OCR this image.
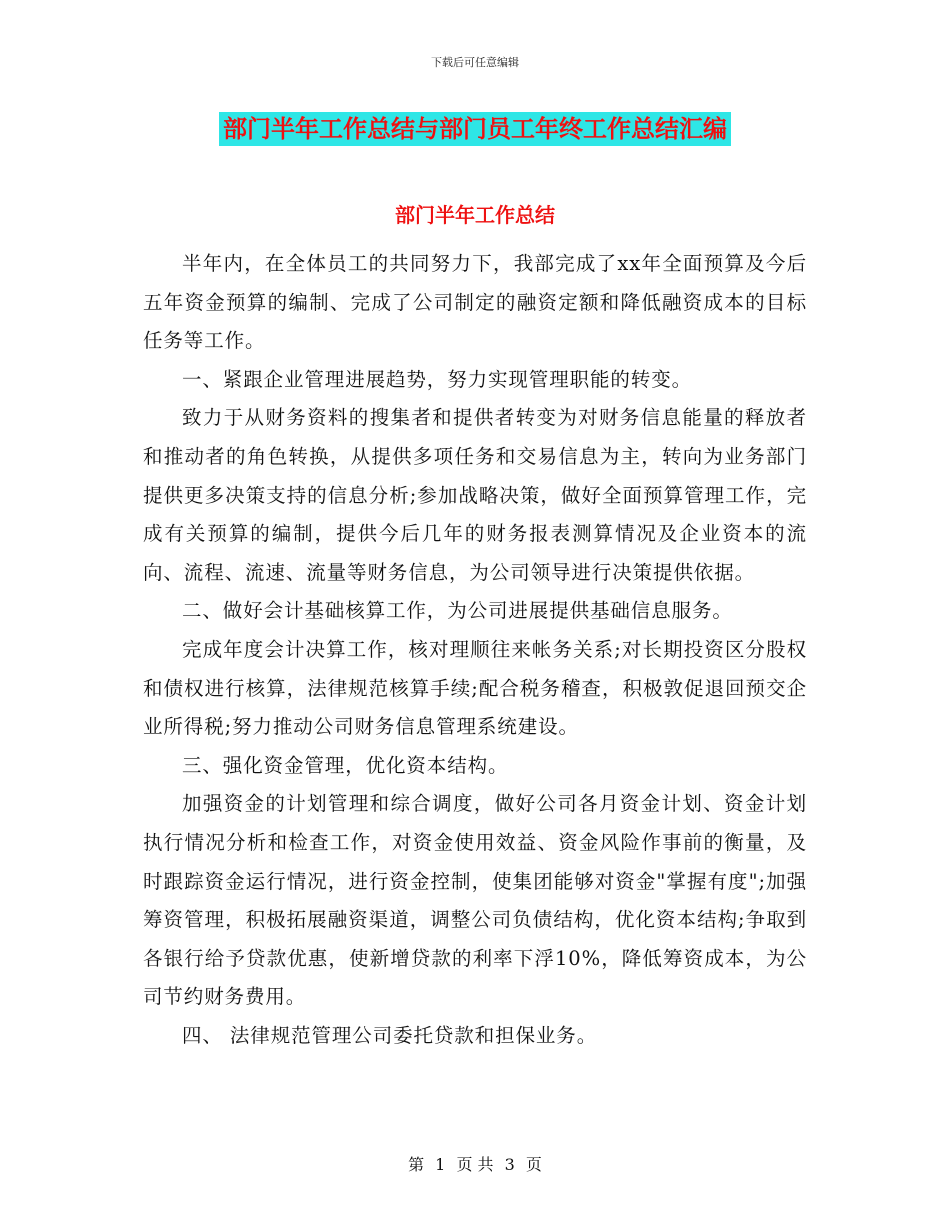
下载后可任意编辑
部门半年工作总结与部门员工年终工作总结汇编
部门半年工作总结

半年内，在全体员工的共同努力下，我部完成了xx年全面预算及今后五年资金预算的编制、完成了公司制定的融资定额和降低融资成本的目标任务等工作。

一、紧跟企业管理进展趋势，努力实现管理职能的转变。

致力于从财务资料的搜集者和提供者转变为对财务信息能量的释放者和推动者的角色转换，从提供多项任务和交易信息为主，转向为业务部门提供更多决策支持的信息分析;参加战略决策，做好全面预算管理工作，完成有关预算的编制，提供今后几年的财务报表测算情况及企业资本的流向、流程、流速、流量等财务信息，为公司领导进行决策提供依据。

二、做好会计基础核算工作，为公司进展提供基础信息服务。

完成年度会计决算工作，核对理顺往来帐务关系;对长期投资区分股权和债权进行核算，法律规范核算手续;配合税务稽查，积极敦促退回预交企业所得税;努力推动公司财务信息管理系统建设。

三、强化资金管理，优化资本结构。

加强资金的计划管理和综合调度，做好公司各月资金计划、资金计划执行情况分析和检查工作，对资金使用效益、资金风险作事前的衡量，及时跟踪资金运行情况，进行资金控制，使集团能够对资金"掌握有度";加强筹资管理，积极拓展融资渠道，调整公司负债结构，优化资本结构;争取到各银行给予贷款优惠，使新增贷款的利率下浮10%，降低筹资成本，为公司节约财务费用。

四、 法律规范管理公司委托贷款和担保业务。

第 1 页 共 3 页
